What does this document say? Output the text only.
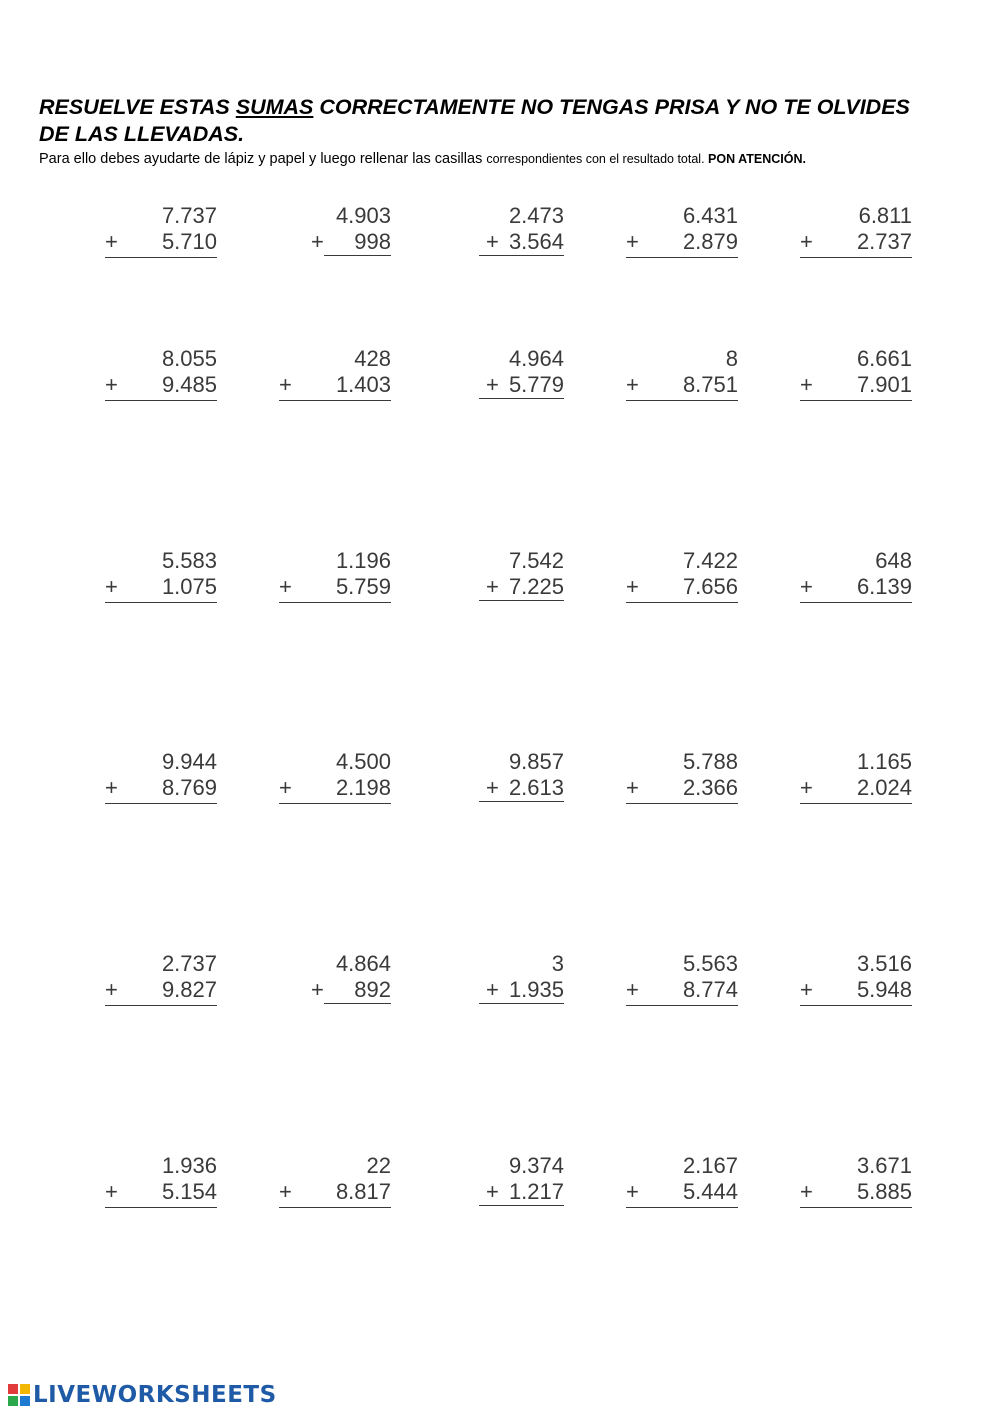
RESUELVE ESTAS SUMAS CORRECTAMENTE NO TENGAS PRISA Y NO TE OLVIDES DE LAS LLEVADAS.

Para ello debes ayudarte de lápiz y papel y luego rellenar las casillas correspondientes con el resultado total. PON ATENCIÓN.

7.737
+ 5.710
4.903
+	998
2.473
+ 3.564
6.431
+ 2.879
6.811
+ 2.737
8.055
+ 9.485
428
+ 1.403
4.964
+ 5.779
8
+ 8.751
6.661
+ 7.901
5.583
+ 1.075
1.196
+ 5.759
7.542
+ 7.225
7.422
+ 7.656
648
+ 6.139
9.944
+ 8.769
4.500
+ 2.198
9.857
+ 2.613
5.788
+ 2.366
1.165
+ 2.024
2.737
+ 9.827
4.864
+	892
3
+ 1.935
5.563
+ 8.774
3.516
+ 5.948
1.936
+ 5.154
22
+ 8.817
9.374
+ 1.217
2.167
+ 5.444
3.671
+ 5.885
LIVEWORKSHEETS
